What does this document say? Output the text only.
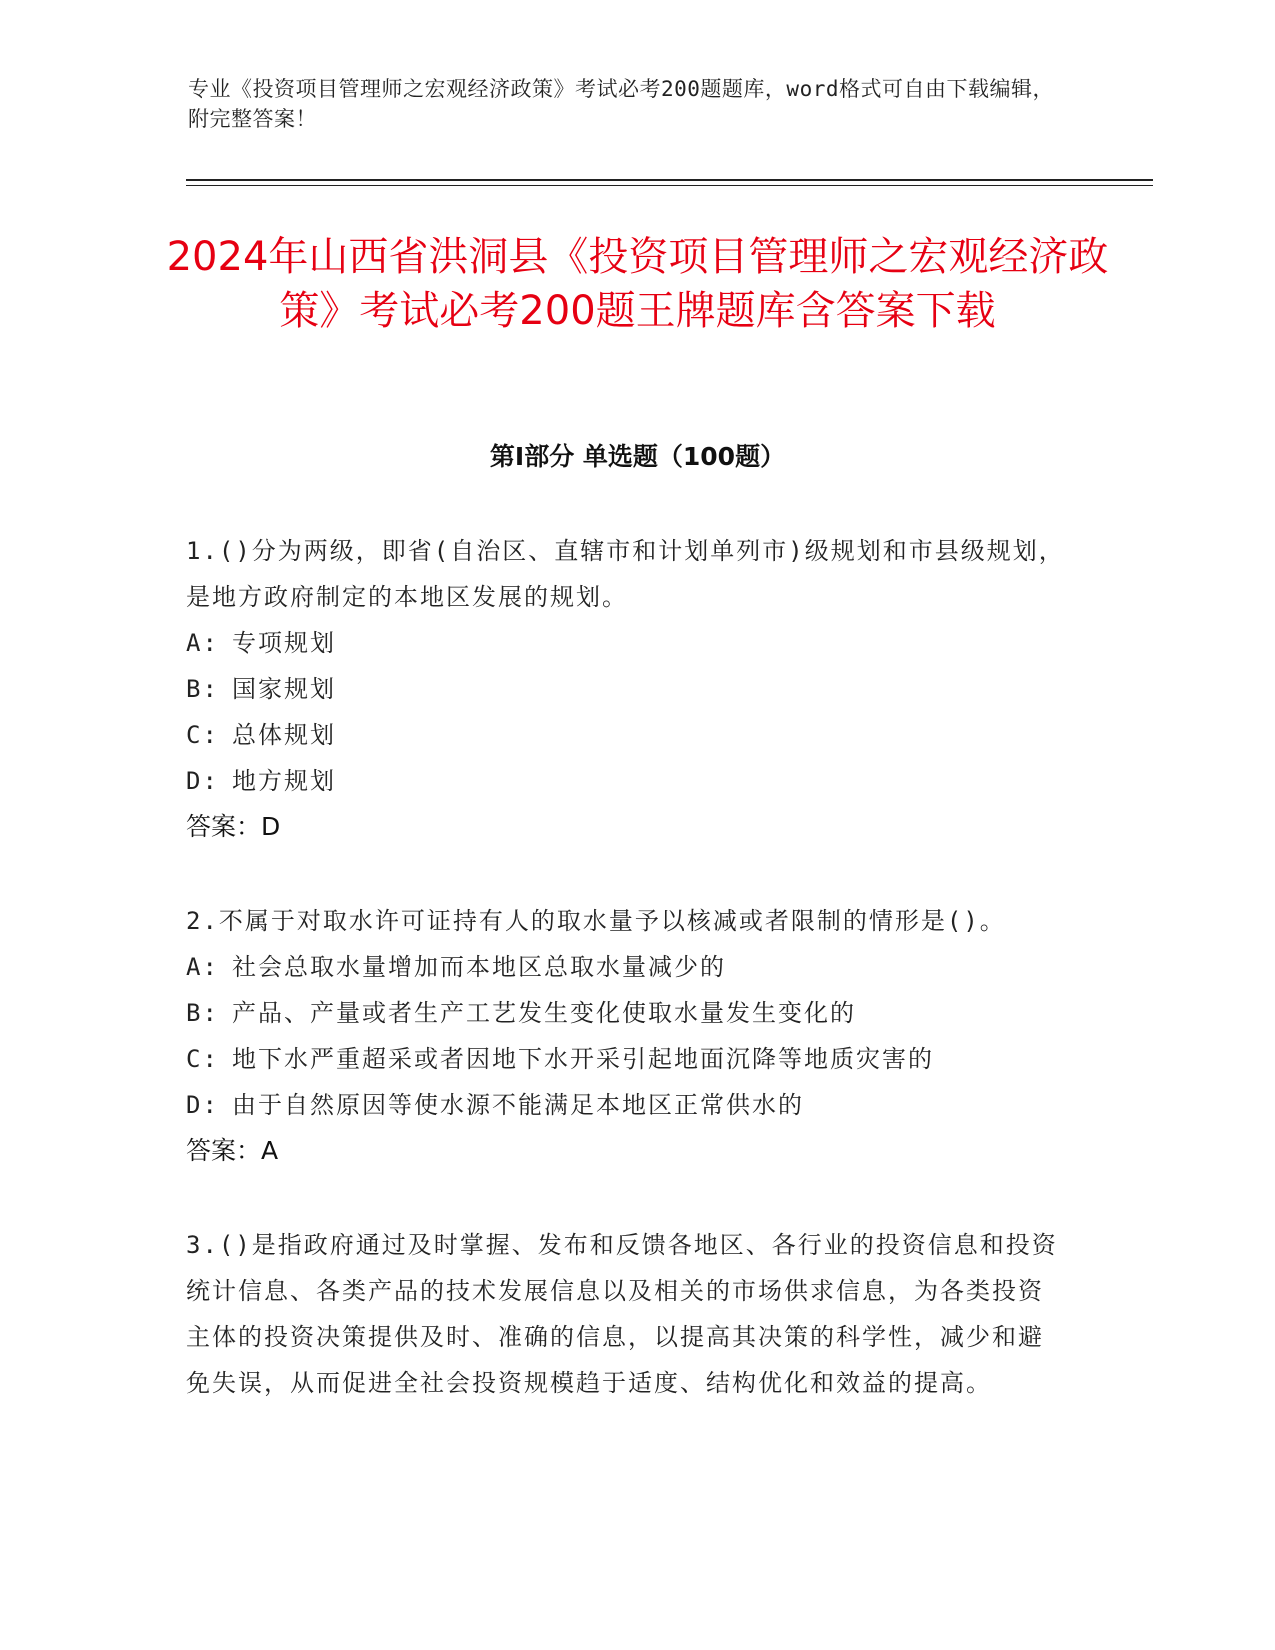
专业《投资项目管理师之宏观经济政策》考试必考200题题库，word格式可自由下载编辑，附完整答案！
2024年山西省洪洞县《投资项目管理师之宏观经济政策》考试必考200题王牌题库含答案下载
第I部分 单选题（100题）
1.()分为两级，即省(自治区、直辖市和计划单列市)级规划和市县级规划，是地方政府制定的本地区发展的规划。
A: 专项规划
B: 国家规划
C: 总体规划
D: 地方规划
答案：D
2.不属于对取水许可证持有人的取水量予以核减或者限制的情形是()。
A: 社会总取水量增加而本地区总取水量减少的
B: 产品、产量或者生产工艺发生变化使取水量发生变化的
C: 地下水严重超采或者因地下水开采引起地面沉降等地质灾害的
D: 由于自然原因等使水源不能满足本地区正常供水的
答案：A
3.()是指政府通过及时掌握、发布和反馈各地区、各行业的投资信息和投资统计信息、各类产品的技术发展信息以及相关的市场供求信息，为各类投资主体的投资决策提供及时、准确的信息，以提高其决策的科学性，减少和避免失误，从而促进全社会投资规模趋于适度、结构优化和效益的提高。
